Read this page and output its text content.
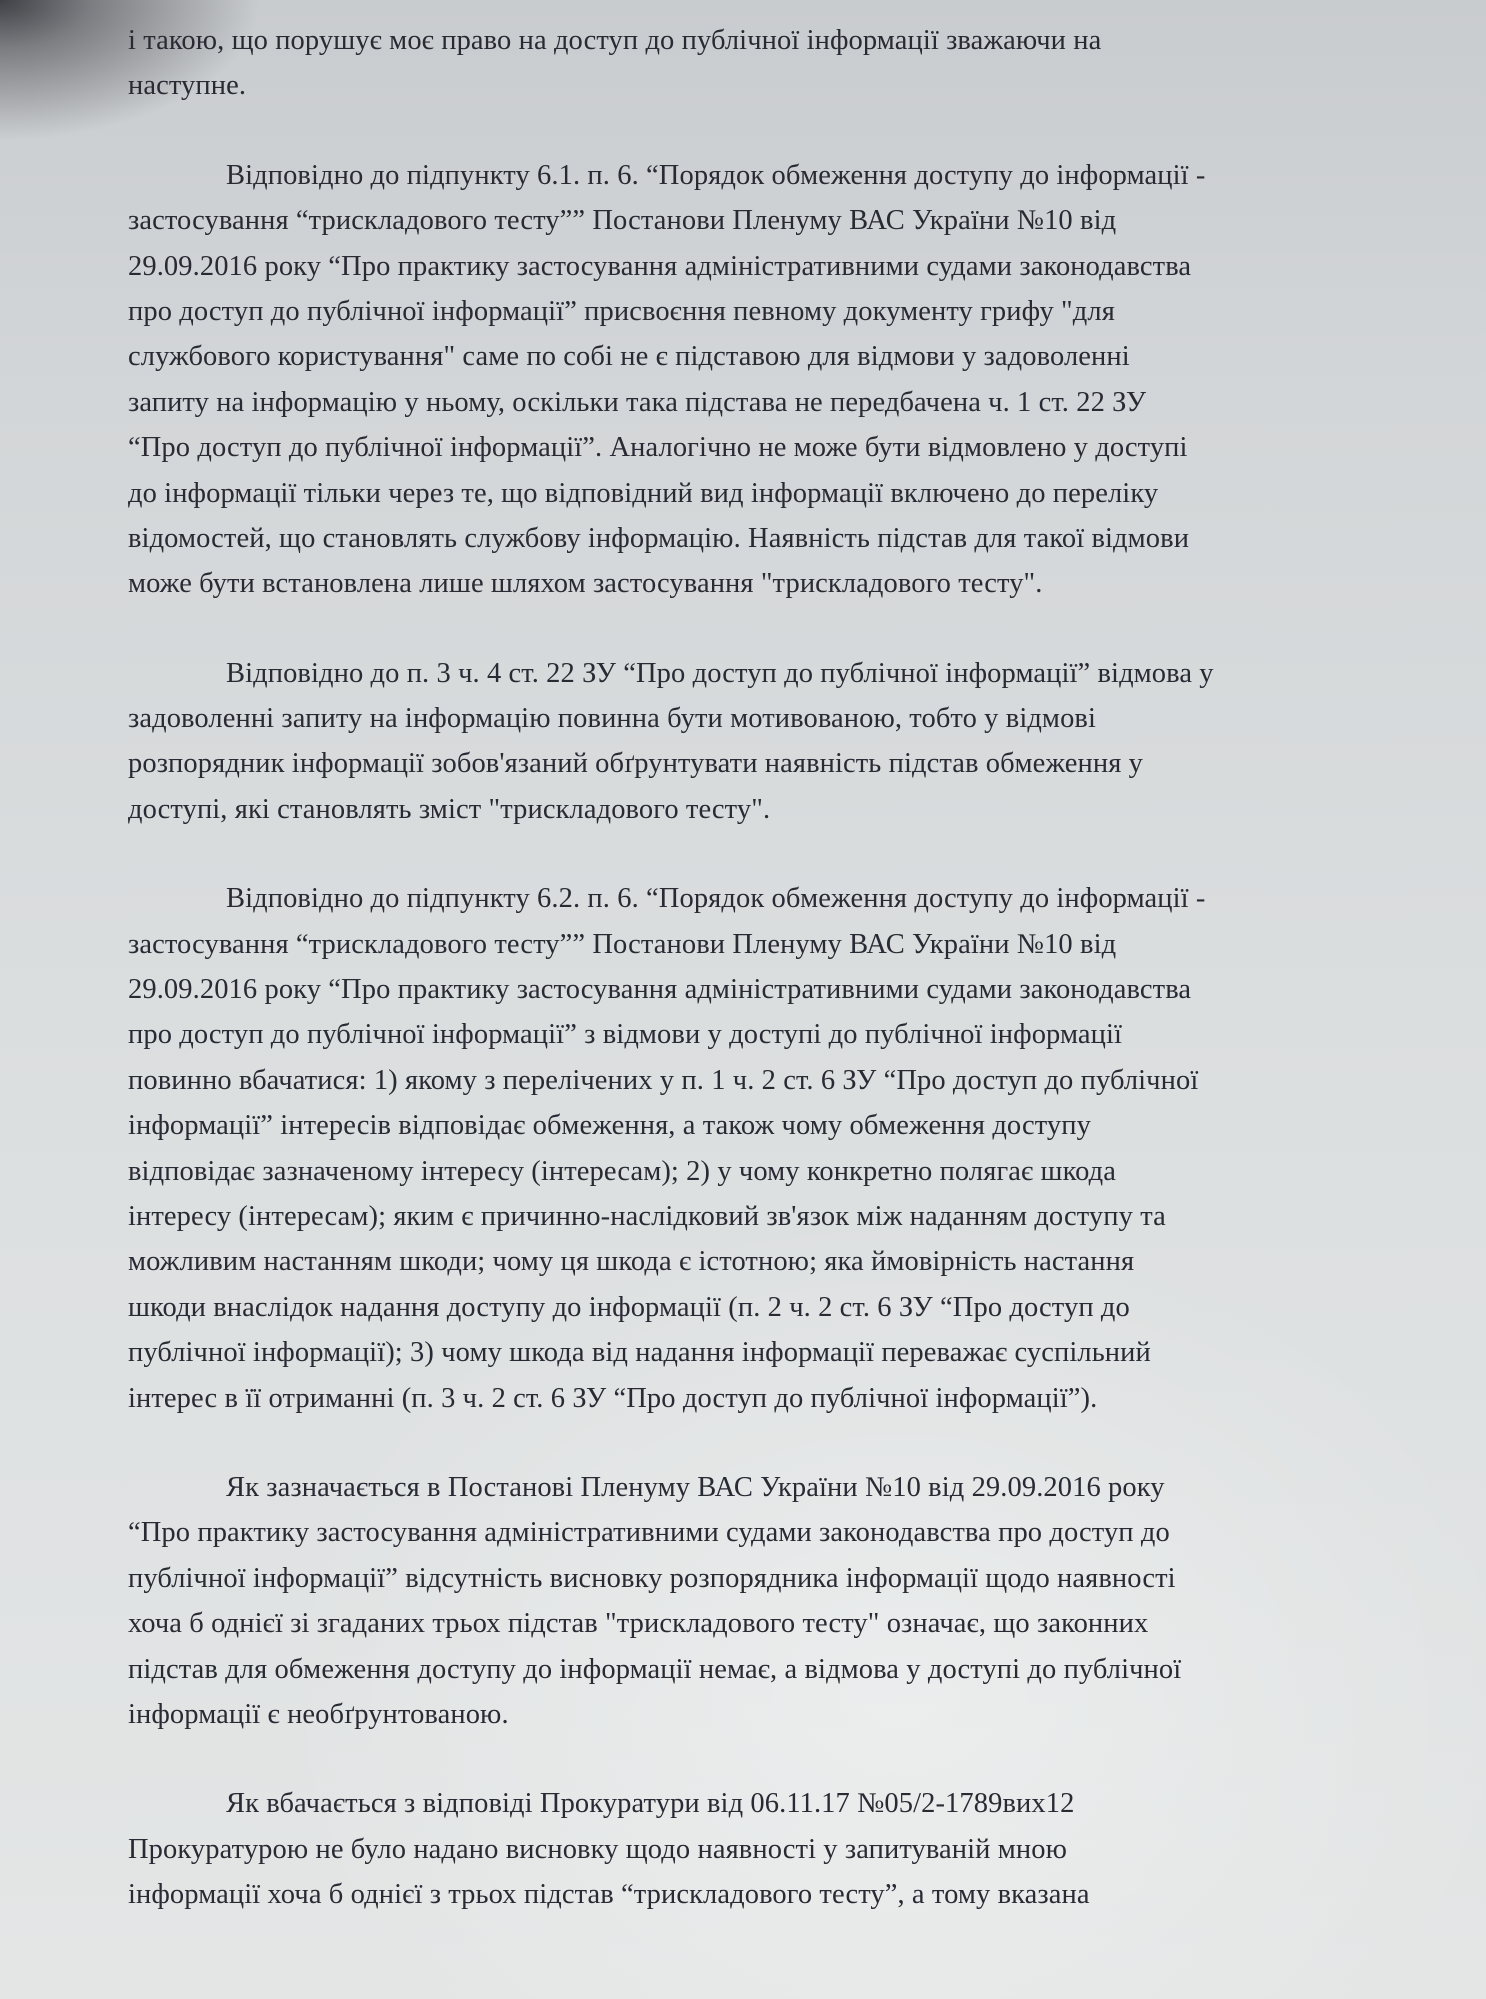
і такою, що порушує моє право на доступ до публічної інформації зважаючи на
наступне.
Відповідно до підпункту 6.1. п. 6. “Порядок обмеження доступу до інформації -
застосування “трискладового тесту”” Постанови Пленуму ВАС України №10 від
29.09.2016 року “Про практику застосування адміністративними судами законодавства
про доступ до публічної інформації” присвоєння певному документу грифу "для
службового користування" саме по собі не є підставою для відмови у задоволенні
запиту на інформацію у ньому, оскільки така підстава не передбачена ч. 1 ст. 22 ЗУ
“Про доступ до публічної інформації”. Аналогічно не може бути відмовлено у доступі
до інформації тільки через те, що відповідний вид інформації включено до переліку
відомостей, що становлять службову інформацію. Наявність підстав для такої відмови
може бути встановлена лише шляхом застосування "трискладового тесту".
Відповідно до п. 3 ч. 4 ст. 22 ЗУ “Про доступ до публічної інформації” відмова у
задоволенні запиту на інформацію повинна бути мотивованою, тобто у відмові
розпорядник інформації зобов'язаний обґрунтувати наявність підстав обмеження у
доступі, які становлять зміст "трискладового тесту".
Відповідно до підпункту 6.2. п. 6. “Порядок обмеження доступу до інформації -
застосування “трискладового тесту”” Постанови Пленуму ВАС України №10 від
29.09.2016 року “Про практику застосування адміністративними судами законодавства
про доступ до публічної інформації” з відмови у доступі до публічної інформації
повинно вбачатися: 1) якому з перелічених у п. 1 ч. 2 ст. 6 ЗУ “Про доступ до публічної
інформації” інтересів відповідає обмеження, а також чому обмеження доступу
відповідає зазначеному інтересу (інтересам); 2) у чому конкретно полягає шкода
інтересу (інтересам); яким є причинно-наслідковий зв'язок між наданням доступу та
можливим настанням шкоди; чому ця шкода є істотною; яка ймовірність настання
шкоди внаслідок надання доступу до інформації (п. 2 ч. 2 ст. 6 ЗУ “Про доступ до
публічної інформації); 3) чому шкода від надання інформації переважає суспільний
інтерес в її отриманні (п. 3 ч. 2 ст. 6 ЗУ “Про доступ до публічної інформації”).
Як зазначається в Постанові Пленуму ВАС України №10 від 29.09.2016 року
“Про практику застосування адміністративними судами законодавства про доступ до
публічної інформації” відсутність висновку розпорядника інформації щодо наявності
хоча б однієї зі згаданих трьох підстав "трискладового тесту" означає, що законних
підстав для обмеження доступу до інформації немає, а відмова у доступі до публічної
інформації є необґрунтованою.
Як вбачається з відповіді Прокуратури від 06.11.17 №05/2-1789вих12
Прокуратурою не було надано висновку щодо наявності у запитуваній мною
інформації хоча б однієї з трьох підстав “трискладового тесту”, а тому вказана
